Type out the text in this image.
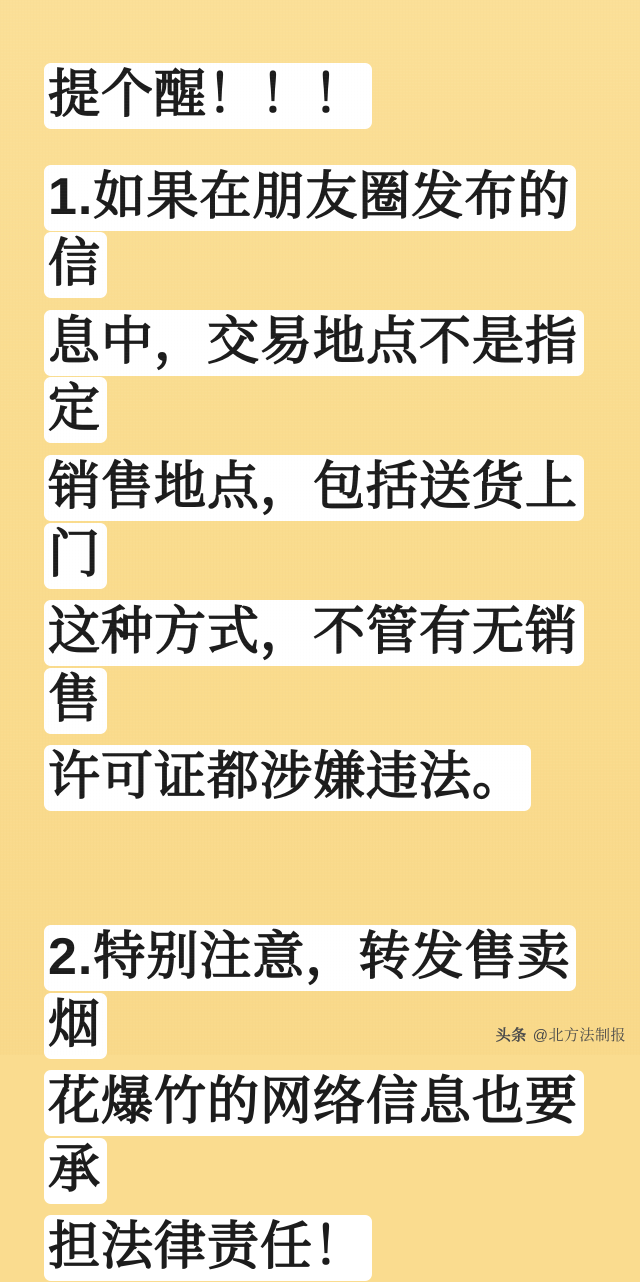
提个醒！！！
1.如果在朋友圈发布的信
息中，交易地点不是指定
销售地点，包括送货上门
这种方式，不管有无销售
许可证都涉嫌违法。
2.特别注意，转发售卖烟
花爆竹的网络信息也要承
担法律责任！
头条 @北方法制报
